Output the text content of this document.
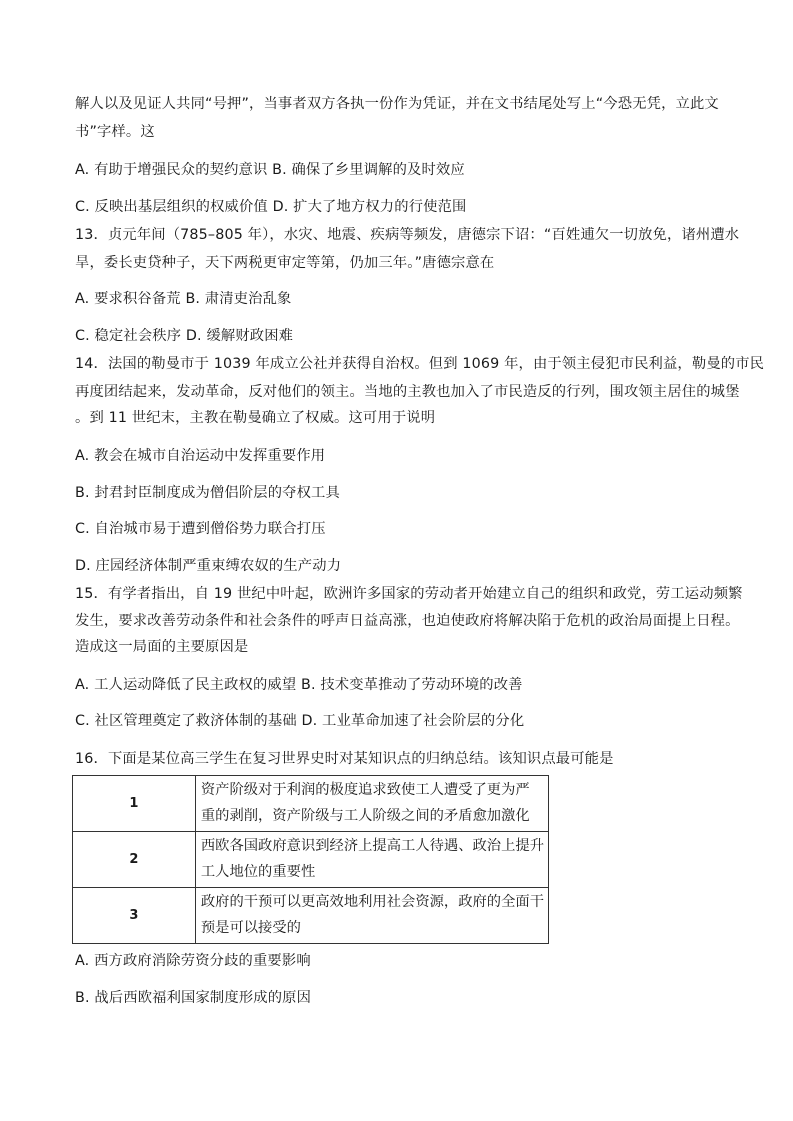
解人以及见证人共同“号押”，当事者双方各执一份作为凭证，并在文书结尾处写上“今恐无凭，立此文
书”字样。这
A. 有助于增强民众的契约意识 B. 确保了乡里调解的及时效应
C. 反映出基层组织的权威价值 D. 扩大了地方权力的行使范围
13．贞元年间（785–805 年），水灾、地震、疾病等频发，唐德宗下诏：“百姓逋欠一切放免，诸州遭水
旱，委长吏贷种子，天下两税更审定等第，仍加三年。”唐德宗意在
A. 要求积谷备荒 B. 肃清吏治乱象
C. 稳定社会秩序 D. 缓解财政困难
14．法国的勒曼市于 1039 年成立公社并获得自治权。但到 1069 年，由于领主侵犯市民利益，勒曼的市民
再度团结起来，发动革命，反对他们的领主。当地的主教也加入了市民造反的行列，围攻领主居住的城堡
。到 11 世纪末，主教在勒曼确立了权威。这可用于说明
A. 教会在城市自治运动中发挥重要作用
B. 封君封臣制度成为僧侣阶层的夺权工具
C. 自治城市易于遭到僧俗势力联合打压
D. 庄园经济体制严重束缚农奴的生产动力
15．有学者指出，自 19 世纪中叶起，欧洲许多国家的劳动者开始建立自己的组织和政党，劳工运动频繁
发生，要求改善劳动条件和社会条件的呼声日益高涨，也迫使政府将解决陷于危机的政治局面提上日程。
造成这一局面的主要原因是
A. 工人运动降低了民主政权的威望 B. 技术变革推动了劳动环境的改善
C. 社区管理奠定了救济体制的基础 D. 工业革命加速了社会阶层的分化
16．下面是某位高三学生在复习世界史时对某知识点的归纳总结。该知识点最可能是
1	资产阶级对于利润的极度追求致使工人遭受了更为严
重的剥削，资产阶级与工人阶级之间的矛盾愈加激化

2	西欧各国政府意识到经济上提高工人待遇、政治上提升
工人地位的重要性

3	政府的干预可以更高效地利用社会资源，政府的全面干
预是可以接受的
A. 西方政府消除劳资分歧的重要影响
B. 战后西欧福利国家制度形成的原因
